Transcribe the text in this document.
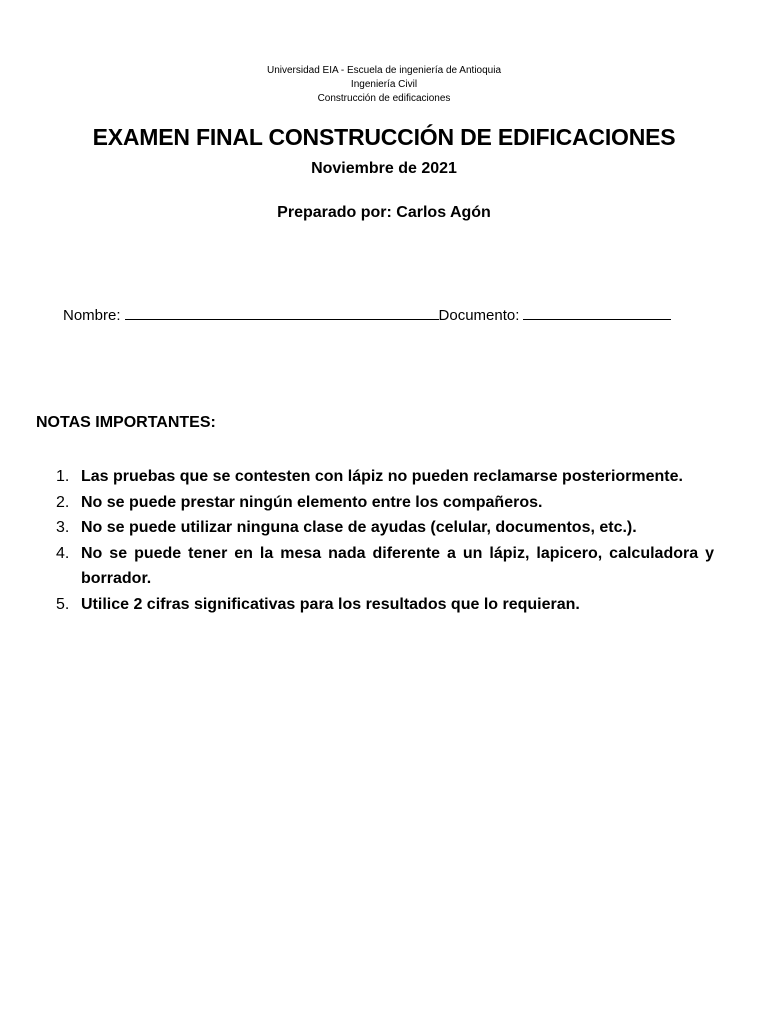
Universidad EIA - Escuela de ingeniería de Antioquia
Ingeniería Civil
Construcción de edificaciones
EXAMEN FINAL CONSTRUCCIÓN DE EDIFICACIONES
Noviembre de 2021
Preparado por: Carlos Agón
Nombre:	Documento:
NOTAS IMPORTANTES:
1. Las pruebas que se contesten con lápiz no pueden reclamarse posteriormente.
2. No se puede prestar ningún elemento entre los compañeros.
3. No se puede utilizar ninguna clase de ayudas (celular, documentos, etc.).
4. No se puede tener en la mesa nada diferente a un lápiz, lapicero, calculadora y borrador.
5. Utilice 2 cifras significativas para los resultados que lo requieran.
